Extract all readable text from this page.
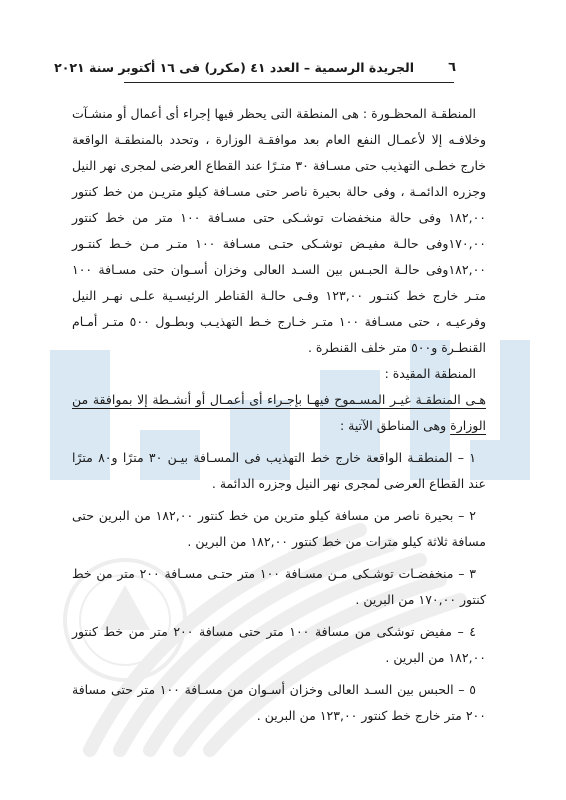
٦
الجريدة الرسمية – العدد ٤١ (مكرر) فى ١٦ أكتوبر سنة ٢٠٢١

المنطقـة المحظـورة : هى المنطقة التى يحظر فيها إجراء أى أعمال أو منشـآت وخلافـه إلا لأعمـال النفع العام بعد موافقـة الوزارة ، وتحدد بالمنطقـة الواقعة خارج خطـى التهذيب حتى مسـافة ٣٠ متـرًا عند القطاع العرضى لمجرى نهر النيل وجزره الدائمـة ، وفى حالة بحيرة ناصر حتى مسـافة كيلو متريـن من خط كنتور ١٨٢,٠٠ وفى حالة منخفضات توشـكى حتى مسـافة ١٠٠ متر من خط كنتور ١٧٠,٠٠وفى حالـة مفيـض توشـكى حتـى مسـافة ١٠٠ متـر مـن خـط كنتـور ١٨٢,٠٠وفى حالـة الحبـس بين السـد العالى وخزان أسـوان حتى مسـافة ١٠٠ متـر خارج خط كنتـور ١٢٣,٠٠ وفـى حالـة القناطر الرئيسـية علـى نهـر النيل وفرعيـه ، حتى مسـافة ١٠٠ متـر خـارج خـط التهذيـب وبطـول ٥٠٠ متـر أمـام القنطـرة و٥٠٠ متر خلف القنطرة .

المنطقة المقيدة :

هـى المنطقـة غيـر المسـموح فيهـا بإجـراء أى أعمـال أو أنشـطة إلا بموافقة من الوزارة وهى المناطق الآتية :

١ – المنطقـة الواقعة خارج خط التهذيب فى المسـافة بيـن ٣٠ مترًا و٨٠ مترًا عند القطاع العرضى لمجرى نهر النيل وجزره الدائمة .

٢ – بحيرة ناصر من مسافة كيلو مترين من خط كنتور ١٨٢,٠٠ من البرين حتى مسافة ثلاثة كيلو مترات من خط كنتور ١٨٢,٠٠ من البرين .

٣ – منخفضـات توشـكى مـن مسـافة ١٠٠ متر حتـى مسـافة ٢٠٠ متر من خط كنتور ١٧٠,٠٠ من البرين .

٤ – مفيض توشكى من مسافة ١٠٠ متر حتى مسافة ٢٠٠ متر من خط كنتور ١٨٢,٠٠ من البرين .

٥ – الحبس بين السـد العالى وخزان أسـوان من مسـافة ١٠٠ متر حتى مسافة ٢٠٠ متر خارج خط كنتور ١٢٣,٠٠ من البرين .
